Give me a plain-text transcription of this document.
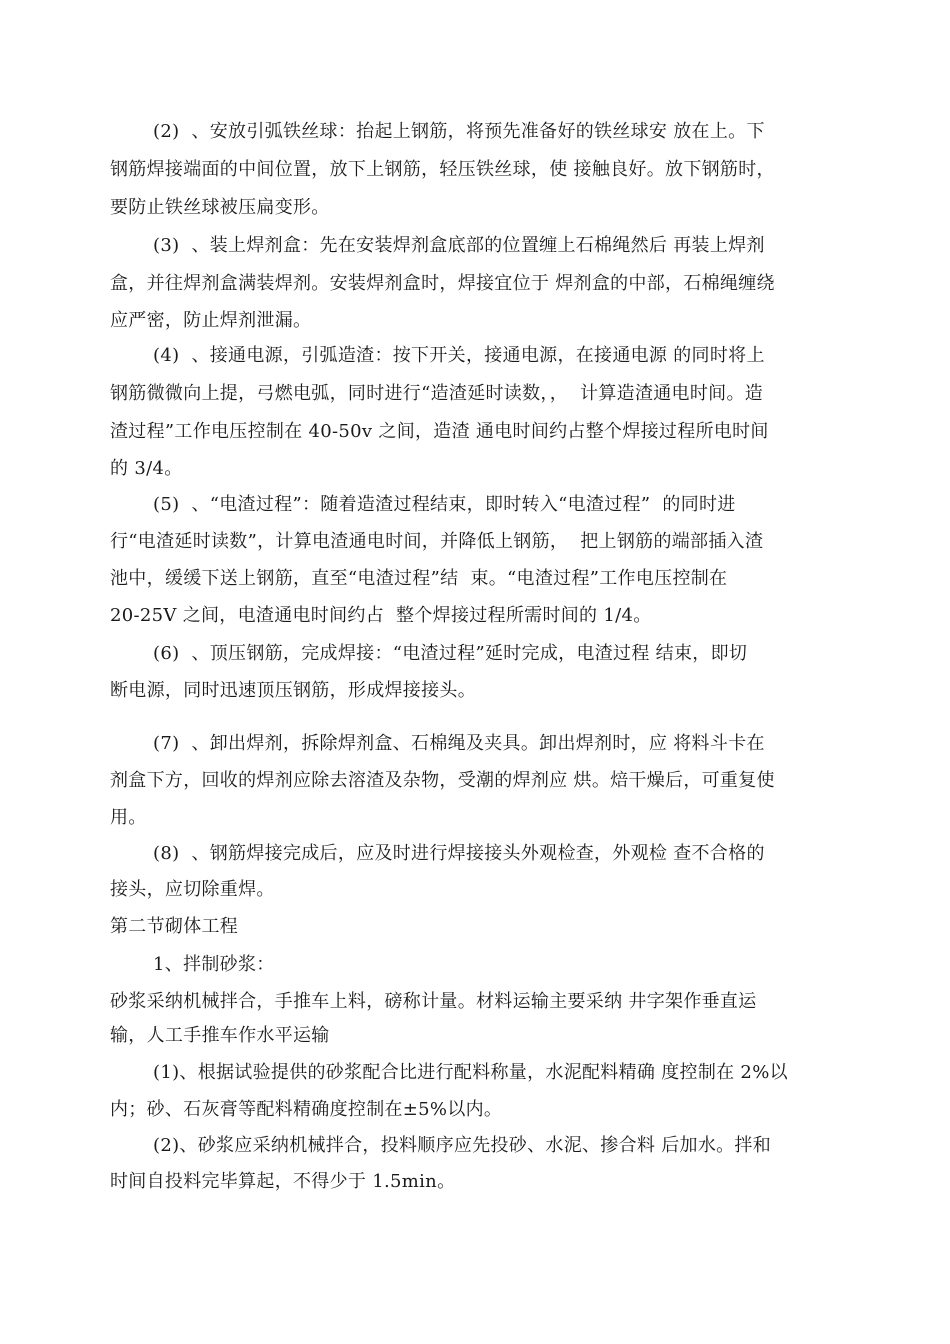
(2)  、安放引弧铁丝球：抬起上钢筋，将预先准备好的铁丝球安 放在上。下
钢筋焊接端面的中间位置，放下上钢筋，轻压铁丝球，使 接触良好。放下钢筋时，
要防止铁丝球被压扁变形。
(3)  、装上焊剂盒：先在安装焊剂盒底部的位置缠上石棉绳然后 再装上焊剂
盒，并往焊剂盒满装焊剂。安装焊剂盒时，焊接宜位于 焊剂盒的中部，石棉绳缠绕
应严密，防止焊剂泄漏。
(4)  、接通电源，引弧造渣：按下开关，接通电源，在接通电源 的同时将上
钢筋微微向上提，弓燃电弧，同时进行“造渣延时读数，，  计算造渣通电时间。造
渣过程”工作电压控制在 40-50v 之间，造渣 通电时间约占整个焊接过程所电时间
的 3/4。
(5)  、“电渣过程”：随着造渣过程结束，即时转入“电渣过程”  的同时进
行“电渣延时读数”，计算电渣通电时间，并降低上钢筋，  把上钢筋的端部插入渣
池中，缓缓下送上钢筋，直至“电渣过程”结  束。“电渣过程”工作电压控制在
20-25V 之间，电渣通电时间约占  整个焊接过程所需时间的 1/4。
(6)  、顶压钢筋，完成焊接：“电渣过程”延时完成，电渣过程 结束，即切
断电源，同时迅速顶压钢筋，形成焊接接头。
(7)  、卸出焊剂，拆除焊剂盒、石棉绳及夹具。卸出焊剂时，应 将料斗卡在
剂盒下方，回收的焊剂应除去溶渣及杂物，受潮的焊剂应 烘。焙干燥后，可重复使
用。
(8)  、钢筋焊接完成后，应及时进行焊接接头外观检查，外观检 查不合格的
接头，应切除重焊。
第二节砌体工程
1、拌制砂浆：
砂浆采纳机械拌合，手推车上料，磅称计量。材料运输主要采纳 井字架作垂直运
输，人工手推车作水平运输
(1)、根据试验提供的砂浆配合比进行配料称量，水泥配料精确 度控制在 2%以
内；砂、石灰膏等配料精确度控制在±5%以内。
(2)、砂浆应采纳机械拌合，投料顺序应先投砂、水泥、掺合料 后加水。拌和
时间自投料完毕算起，不得少于 1.5min。
